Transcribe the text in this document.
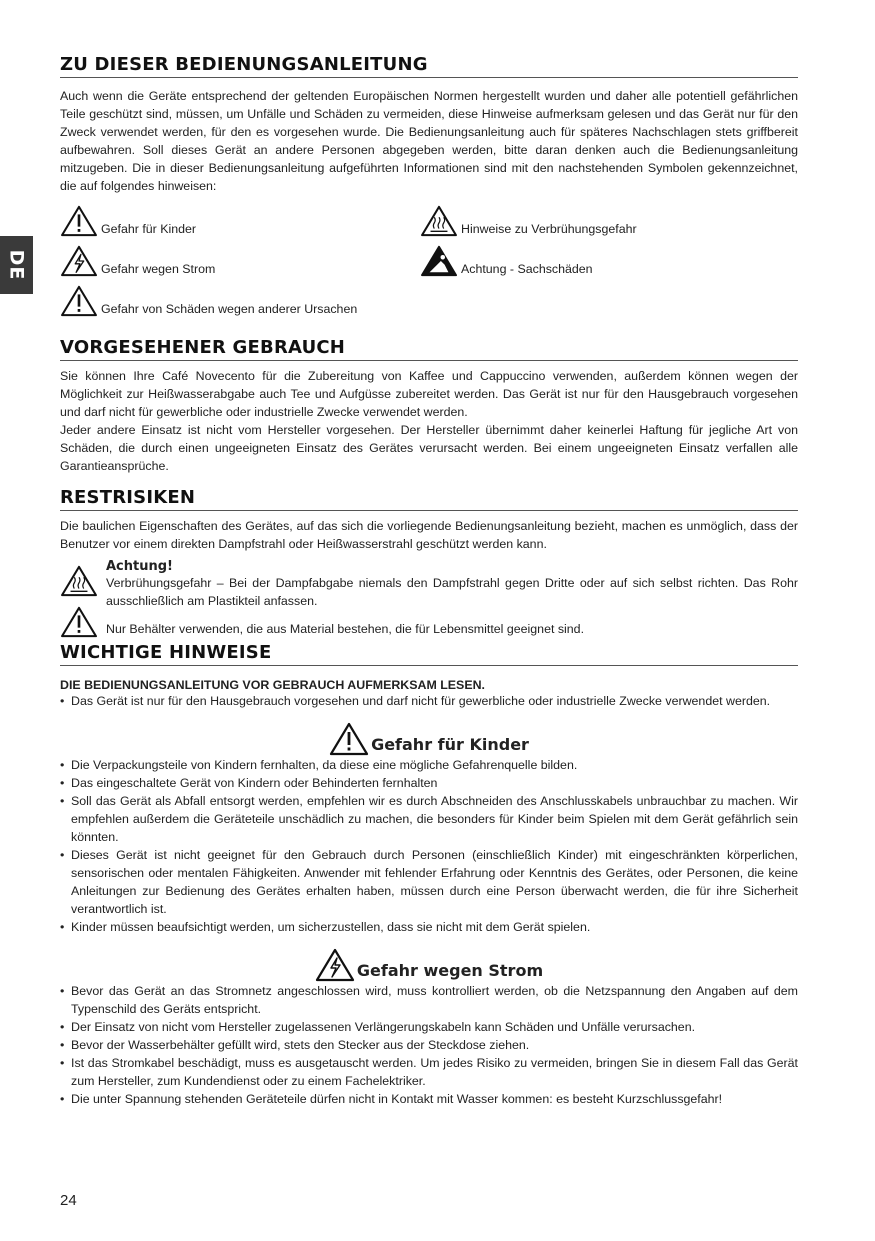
DE
ZU DIESER BEDIENUNGSANLEITUNG

Auch wenn die Geräte entsprechend der geltenden Europäischen Normen hergestellt wurden und daher alle potentiell gefährlichen Teile geschützt sind, müssen, um Unfälle und Schäden zu vermeiden, diese Hinweise aufmerksam gelesen und das Gerät nur für den Zweck verwendet werden, für den es vorgesehen wurde. Die Bedienungsanleitung auch für späteres Nachschlagen stets griffbereit aufbewahren. Soll dieses Gerät an andere Personen abgegeben werden, bitte daran denken auch die Bedienungsanleitung mitzugeben. Die in dieser Bedienungsanleitung aufgeführten Informationen sind mit den nachstehenden Symbolen gekennzeichnet, die auf folgendes hinweisen:

Gefahr für Kinder	Hinweise zu Verbrühungsgefahr
Gefahr wegen Strom	Achtung - Sachschäden
Gefahr von Schäden wegen anderer Ursachen
VORGESEHENER GEBRAUCH

Sie können Ihre Café Novecento für die Zubereitung von Kaffee und Cappuccino verwenden, außerdem können wegen der Möglichkeit zur Heißwasserabgabe auch Tee und Aufgüsse zubereitet werden. Das Gerät ist nur für den Hausgebrauch vorgesehen und darf nicht für gewerbliche oder industrielle Zwecke verwendet werden.

Jeder andere Einsatz ist nicht vom Hersteller vorgesehen. Der Hersteller übernimmt daher keinerlei Haftung für jegliche Art von Schäden, die durch einen ungeeigneten Einsatz des Gerätes verursacht werden. Bei einem ungeeigneten Einsatz verfallen alle Garantieansprüche.

RESTRISIKEN

Die baulichen Eigenschaften des Gerätes, auf das sich die vorliegende Bedienungsanleitung bezieht, machen es unmöglich, dass der Benutzer vor einem direkten Dampfstrahl oder Heißwasserstrahl geschützt werden kann.

Achtung!
Verbrühungsgefahr – Bei der Dampfabgabe niemals den Dampfstrahl gegen Dritte oder auf sich selbst richten. Das Rohr ausschließlich am Plastikteil anfassen.
Nur Behälter verwenden, die aus Material bestehen, die für Lebensmittel geeignet sind.
WICHTIGE HINWEISE
DIE BEDIENUNGSANLEITUNG VOR GEBRAUCH AUFMERKSAM LESEN.
• Das Gerät ist nur für den Hausgebrauch vorgesehen und darf nicht für gewerbliche oder industrielle Zwecke verwendet werden.
Gefahr für Kinder
• Die Verpackungsteile von Kindern fernhalten, da diese eine mögliche Gefahrenquelle bilden.
• Das eingeschaltete Gerät von Kindern oder Behinderten fernhalten
• Soll das Gerät als Abfall entsorgt werden, empfehlen wir es durch Abschneiden des Anschlusskabels unbrauchbar zu machen. Wir empfehlen außerdem die Geräteteile unschädlich zu machen, die besonders für Kinder beim Spielen mit dem Gerät gefährlich sein könnten.
• Dieses Gerät ist nicht geeignet für den Gebrauch durch Personen (einschließlich Kinder) mit eingeschränkten körperlichen, sensorischen oder mentalen Fähigkeiten. Anwender mit fehlender Erfahrung oder Kenntnis des Gerätes, oder Personen, die keine Anleitungen zur Bedienung des Gerätes erhalten haben, müssen durch eine Person überwacht werden, die für ihre Sicherheit verantwortlich ist.
• Kinder müssen beaufsichtigt werden, um sicherzustellen, dass sie nicht mit dem Gerät spielen.
Gefahr wegen Strom
• Bevor das Gerät an das Stromnetz angeschlossen wird, muss kontrolliert werden, ob die Netzspannung den Angaben auf dem Typenschild des Geräts entspricht.
• Der Einsatz von nicht vom Hersteller zugelassenen Verlängerungskabeln kann Schäden und Unfälle verursachen.
• Bevor der Wasserbehälter gefüllt wird, stets den Stecker aus der Steckdose ziehen.
• Ist das Stromkabel beschädigt, muss es ausgetauscht werden. Um jedes Risiko zu vermeiden, bringen Sie in diesem Fall das Gerät zum Hersteller, zum Kundendienst oder zu einem Fachelektriker.
• Die unter Spannung stehenden Geräteteile dürfen nicht in Kontakt mit Wasser kommen: es besteht Kurzschlussgefahr!
24
